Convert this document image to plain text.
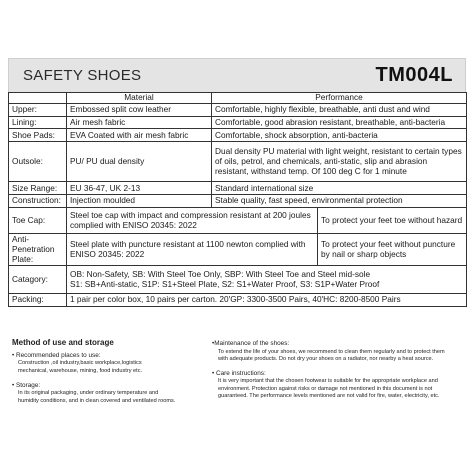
SAFETY SHOES	TM004L
	Material	Performance	
Upper:	Embossed split cow leather	Comfortable, highly flexible, breathable, anti dust and wind	
Lining:	Air mesh fabric	Comfortable, good abrasion resistant, breathable, anti-bacteria	
Shoe Pads:	EVA Coated with air mesh fabric	Comfortable, shock absorption, anti-bacteria	
Outsole:	PU/ PU dual density	Dual density PU material with light weight, resistant to certain types of oils, petrol, and chemicals, anti-static, slip and abrasion resistant, withstand temp. Of 100 deg C for 1 minute	
Size Range:	EU 36-47, UK 2-13	Standard international size	
Construction:	Injection moulded	Stable quality, fast speed, environmental protection	
Toe Cap:	Steel toe cap with impact and compression resistant at 200 joules complied with ENISO 20345: 2022		To protect your feet toe without hazard
Anti-Penetration Plate:	Steel plate with puncture resistant at 1100 newton complied with ENISO 20345: 2022		To protect your feet without puncture by nail or sharp objects
Catagory:	OB: Non-Safety, SB: With Steel Toe Only, SBP: With Steel Toe and Steel mid-sole
S1: SB+Anti-static, S1P: S1+Steel Plate, S2: S1+Water Proof, S3: S1P+Water Proof		

Packing:	1 pair per color box, 10 pairs per carton. 20'GP: 3300-3500 Pairs, 40'HC: 8200-8500 Pairs		
Method of use and storage
• Recommended places to use:

Construction ,oil industry,basic workplace,logistics

mechanical, warehouse, mining, food industry etc.

• Storage:

In its original packaging, under ordinary temperature and

humidity conditions, and in clean covered and ventilated rooms.

•Maintenance of the shoes:

To extend the life of your shoes, we recommend to clean them regularly and to protect them

with adequate products. Do not dry your shoes on a radiator, nor nearby a heat source.

• Care instructions:

It is very important that the chosen footwear is suitable for the appropriate workplace and

environment. Protection against risks or damage not mentioned in this document is not

guaranteed. The performance levels mentioned are not valid for fire, water, electricity, etc.
